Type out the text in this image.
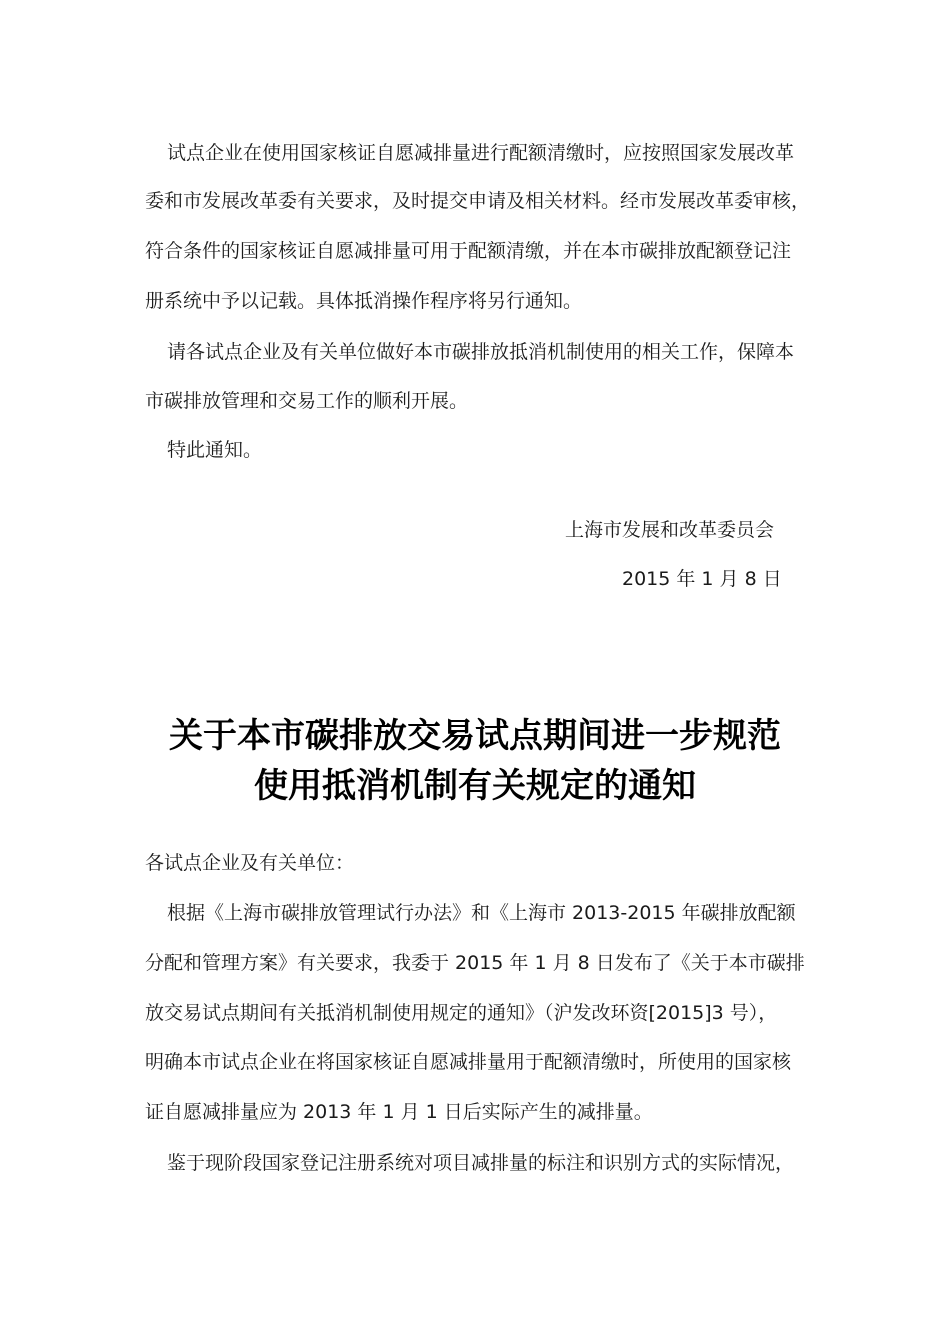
试点企业在使用国家核证自愿减排量进行配额清缴时，应按照国家发展改革
委和市发展改革委有关要求，及时提交申请及相关材料。经市发展改革委审核，
符合条件的国家核证自愿减排量可用于配额清缴，并在本市碳排放配额登记注
册系统中予以记载。具体抵消操作程序将另行通知。
请各试点企业及有关单位做好本市碳排放抵消机制使用的相关工作，保障本
市碳排放管理和交易工作的顺利开展。
特此通知。
上海市发展和改革委员会
2015 年 1 月 8 日
关于本市碳排放交易试点期间进一步规范
使用抵消机制有关规定的通知
各试点企业及有关单位：
根据《上海市碳排放管理试行办法》和《上海市 2013-2015 年碳排放配额
分配和管理方案》有关要求，我委于 2015 年 1 月 8 日发布了《关于本市碳排
放交易试点期间有关抵消机制使用规定的通知》（沪发改环资[2015]3 号），
明确本市试点企业在将国家核证自愿减排量用于配额清缴时，所使用的国家核
证自愿减排量应为 2013 年 1 月 1 日后实际产生的减排量。
鉴于现阶段国家登记注册系统对项目减排量的标注和识别方式的实际情况，
